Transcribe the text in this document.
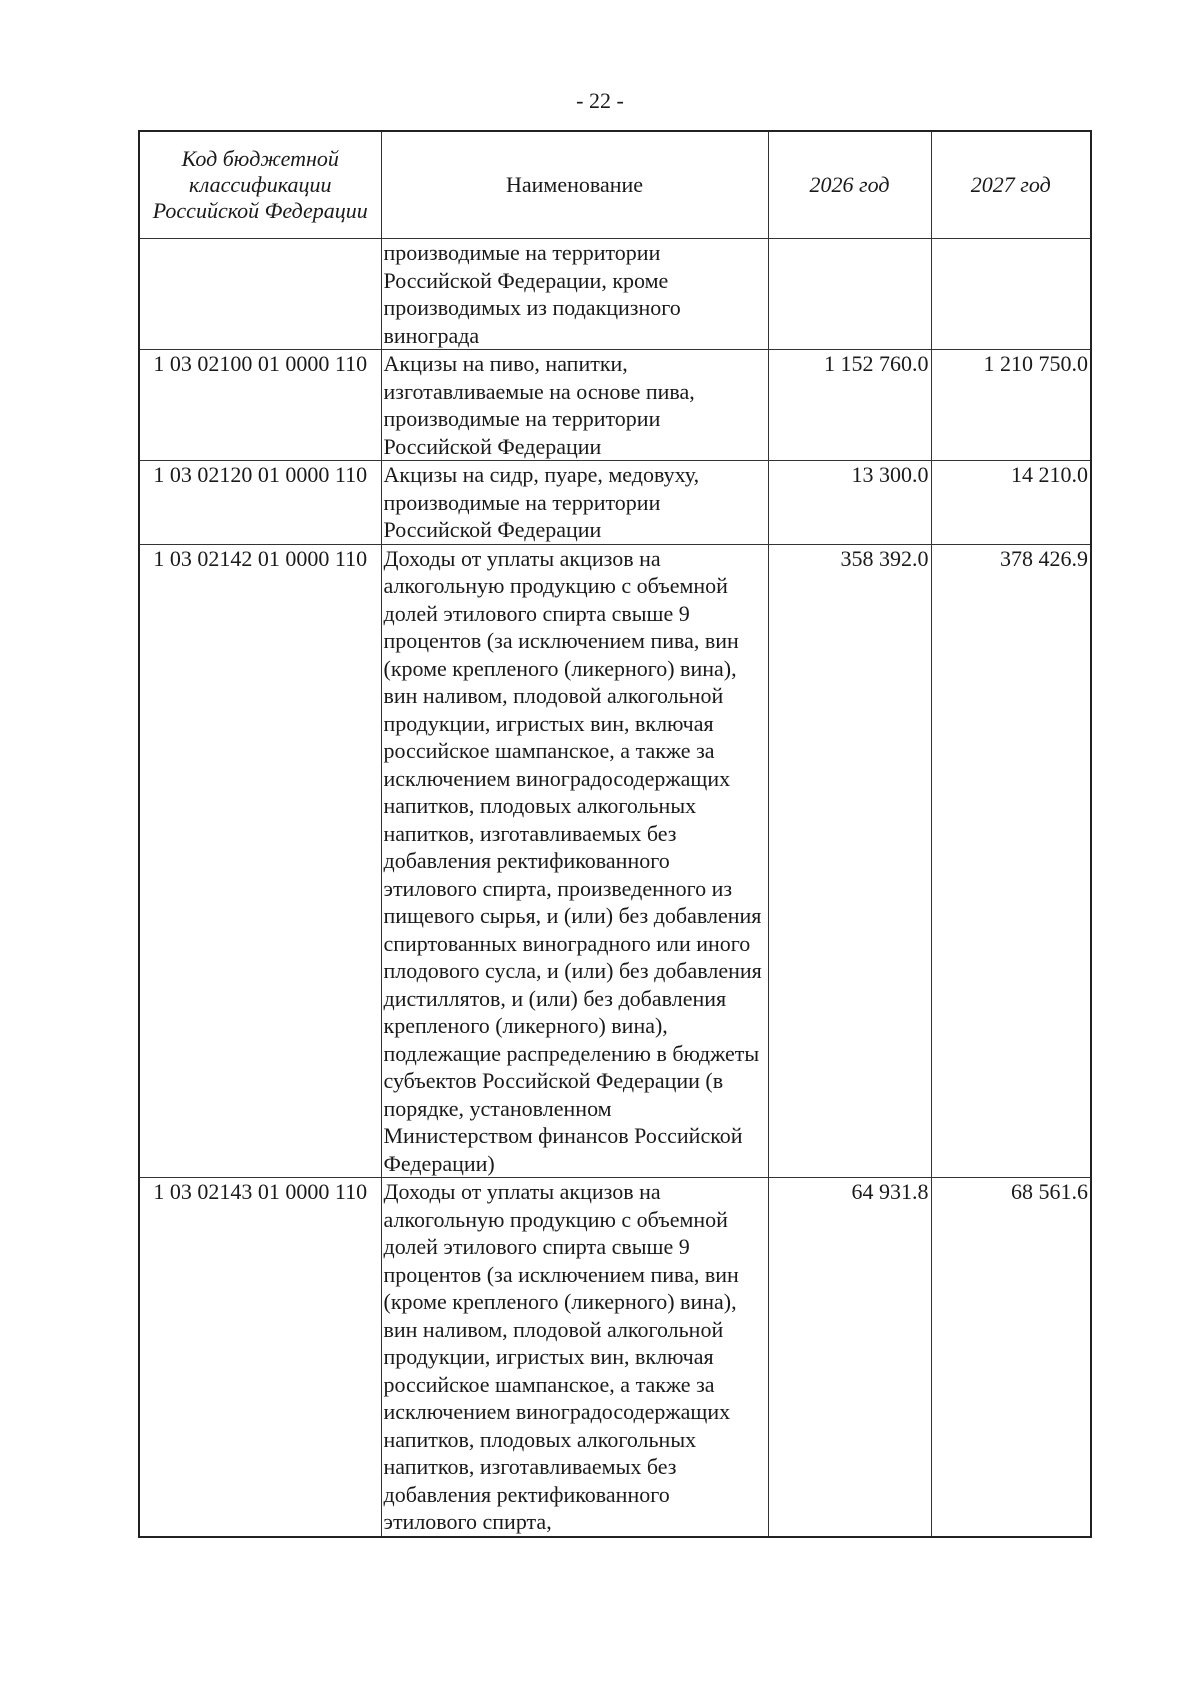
- 22 -
Код бюджетной классификации Российской Федерации	Наименование	2026 год	2027 год
	производимые на территории Российской Федерации, кроме производимых из подакцизного винограда		
1 03 02100 01 0000 110	Акцизы на пиво, напитки, изготавливаемые на основе пива, производимые на территории Российской Федерации	1 152 760.0	1 210 750.0
1 03 02120 01 0000 110	Акцизы на сидр, пуаре, медовуху, производимые на территории Российской Федерации	13 300.0	14 210.0
1 03 02142 01 0000 110	Доходы от уплаты акцизов на алкогольную продукцию с объемной долей этилового спирта свыше 9 процентов (за исключением пива, вин (кроме крепленого (ликерного) вина), вин наливом, плодовой алкогольной продукции, игристых вин, включая российское шампанское, а также за исключением виноградосодержащих напитков, плодовых алкогольных напитков, изготавливаемых без добавления ректификованного этилового спирта, произведенного из пищевого сырья, и (или) без добавления спиртованных виноградного или иного плодового сусла, и (или) без добавления дистиллятов, и (или) без добавления крепленого (ликерного) вина), подлежащие распределению в бюджеты субъектов Российской Федерации (в порядке, установленном Министерством финансов Российской Федерации)	358 392.0	378 426.9
1 03 02143 01 0000 110	Доходы от уплаты акцизов на алкогольную продукцию с объемной долей этилового спирта свыше 9 процентов (за исключением пива, вин (кроме крепленого (ликерного) вина), вин наливом, плодовой алкогольной продукции, игристых вин, включая российское шампанское, а также за исключением виноградосодержащих напитков, плодовых алкогольных напитков, изготавливаемых без добавления ректификованного этилового спирта,	64 931.8	68 561.6
